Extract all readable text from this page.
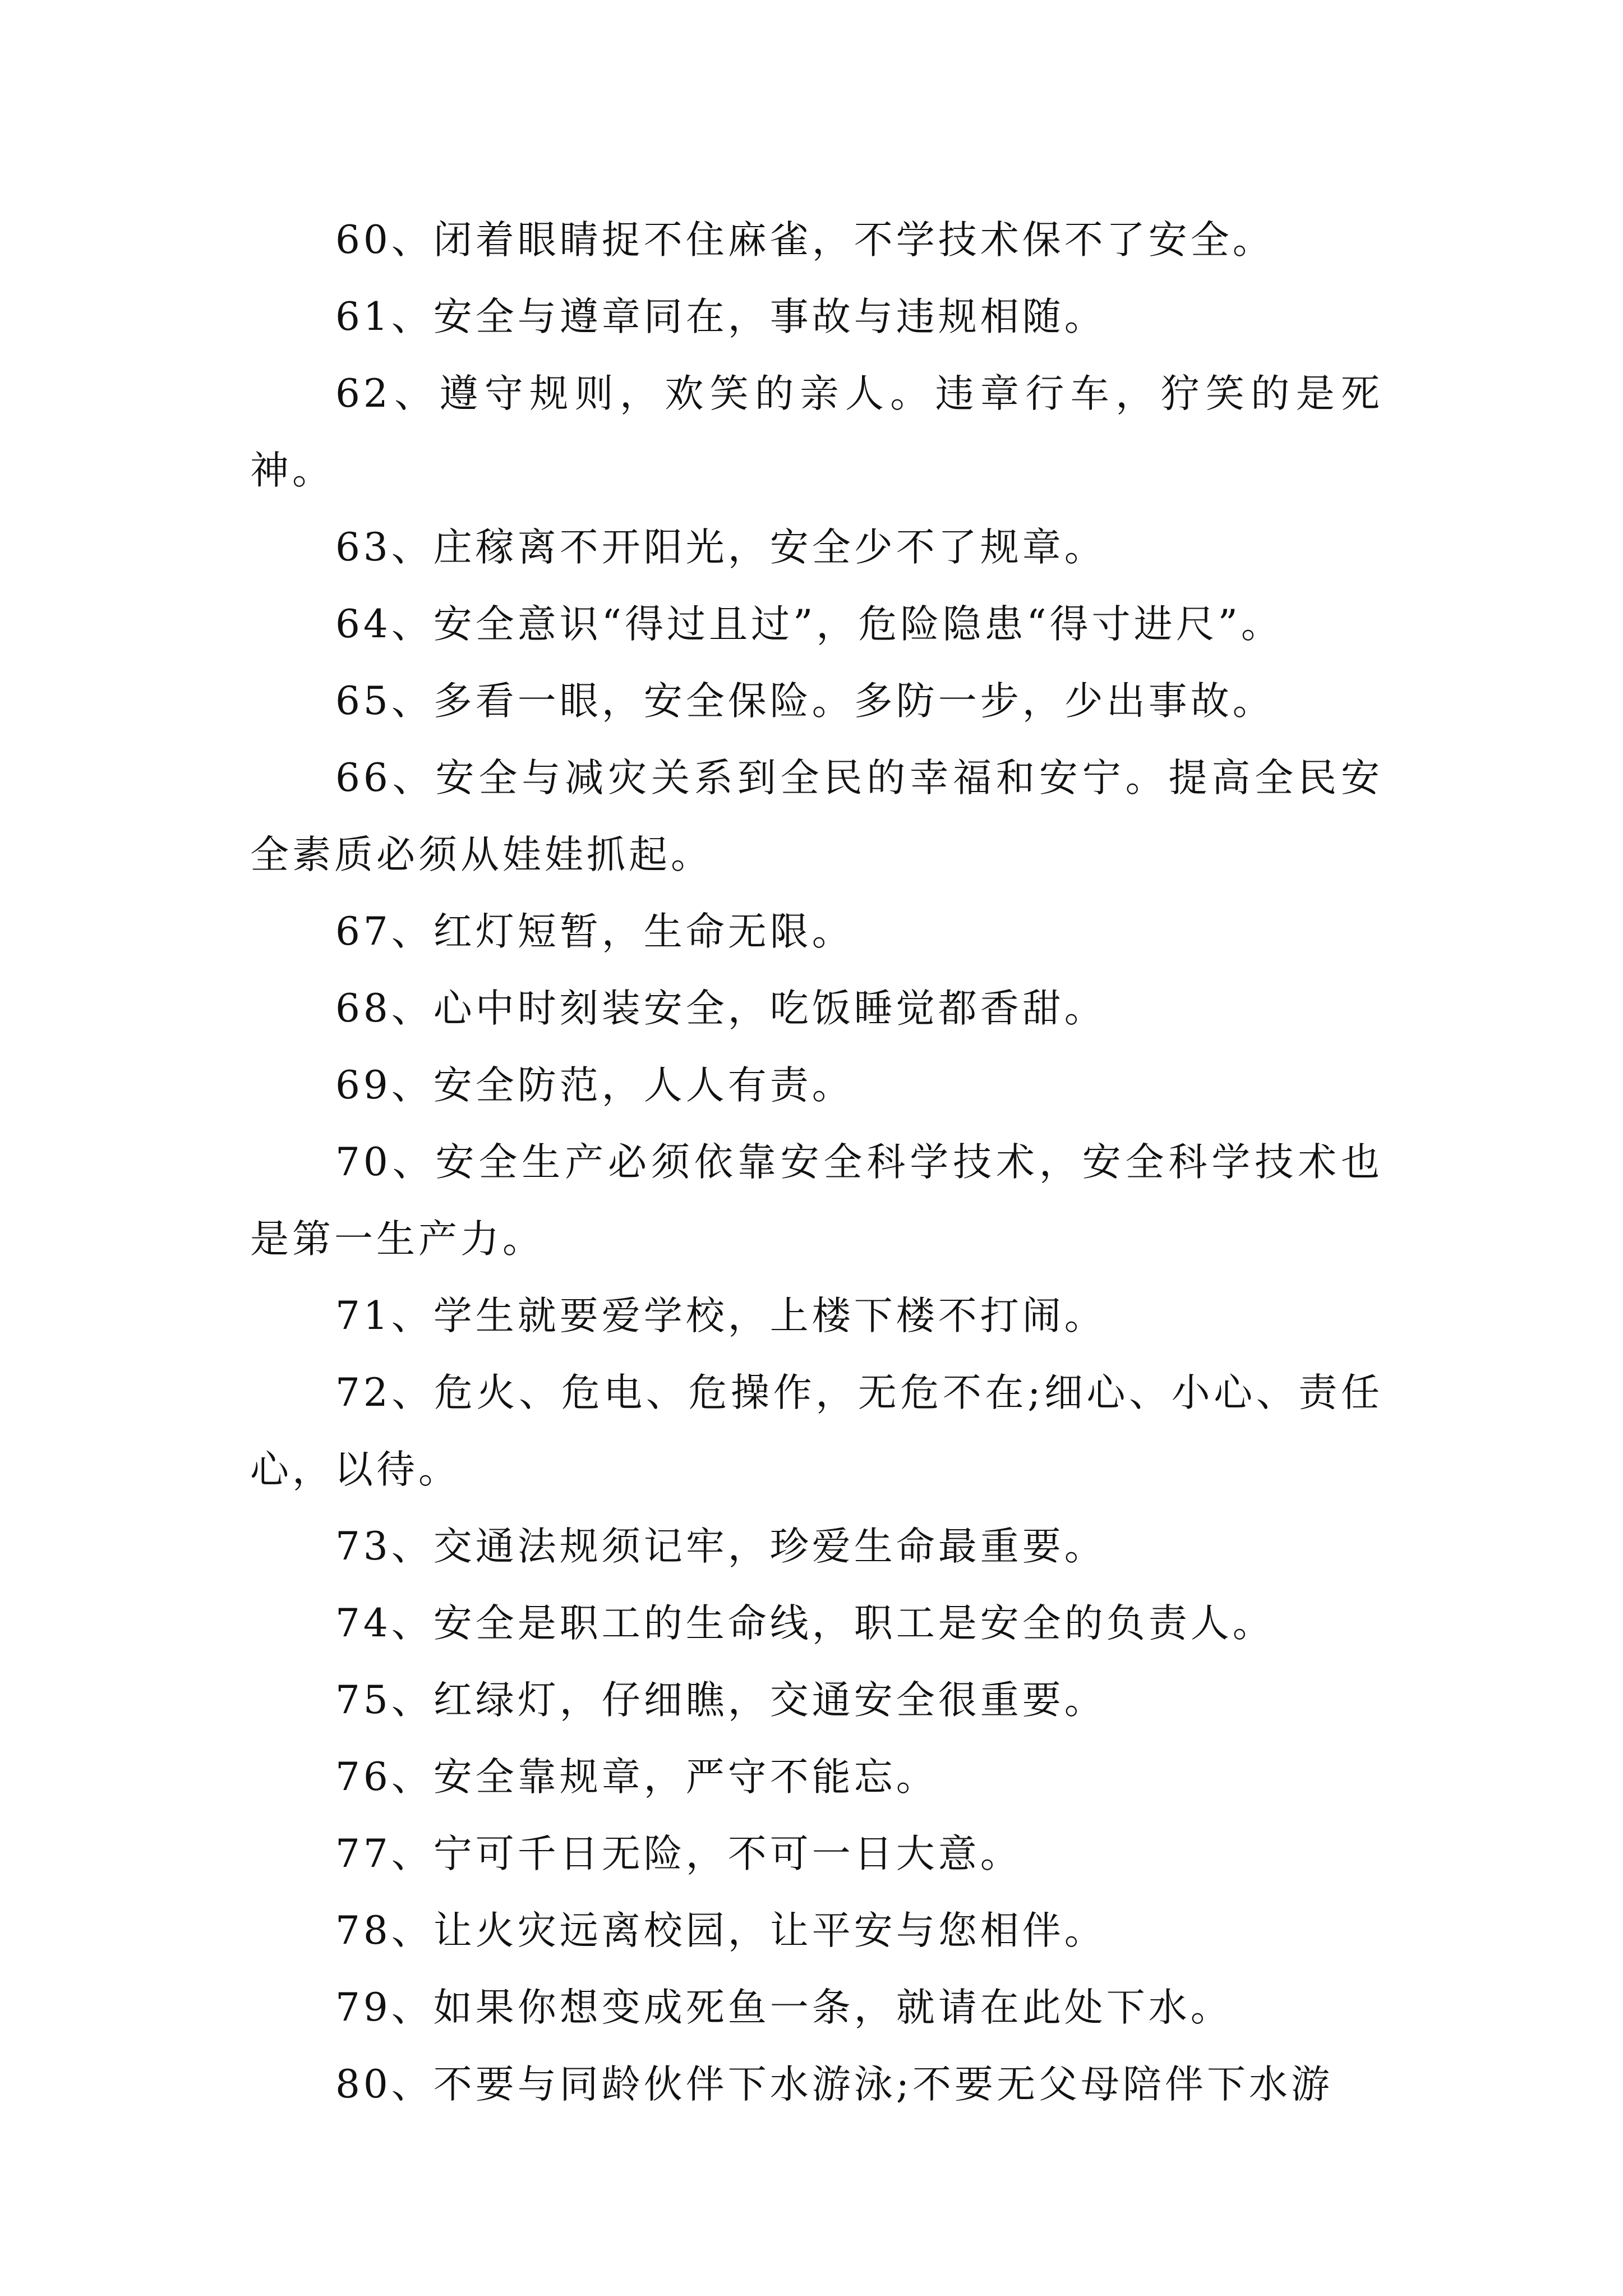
60、闭着眼睛捉不住麻雀，不学技术保不了安全。

61、安全与遵章同在，事故与违规相随。

62、遵守规则，欢笑的亲人。违章行车，狞笑的是死神。

63、庄稼离不开阳光，安全少不了规章。

64、安全意识“得过且过”，危险隐患“得寸进尺”。

65、多看一眼，安全保险。多防一步，少出事故。

66、安全与减灾关系到全民的幸福和安宁。提高全民安全素质必须从娃娃抓起。

67、红灯短暂，生命无限。

68、心中时刻装安全，吃饭睡觉都香甜。

69、安全防范，人人有责。

70、安全生产必须依靠安全科学技术，安全科学技术也是第一生产力。

71、学生就要爱学校，上楼下楼不打闹。

72、危火、危电、危操作，无危不在;细心、小心、责任心，以待。

73、交通法规须记牢，珍爱生命最重要。

74、安全是职工的生命线，职工是安全的负责人。

75、红绿灯，仔细瞧，交通安全很重要。

76、安全靠规章，严守不能忘。

77、宁可千日无险，不可一日大意。

78、让火灾远离校园，让平安与您相伴。

79、如果你想变成死鱼一条，就请在此处下水。

80、不要与同龄伙伴下水游泳;不要无父母陪伴下水游
